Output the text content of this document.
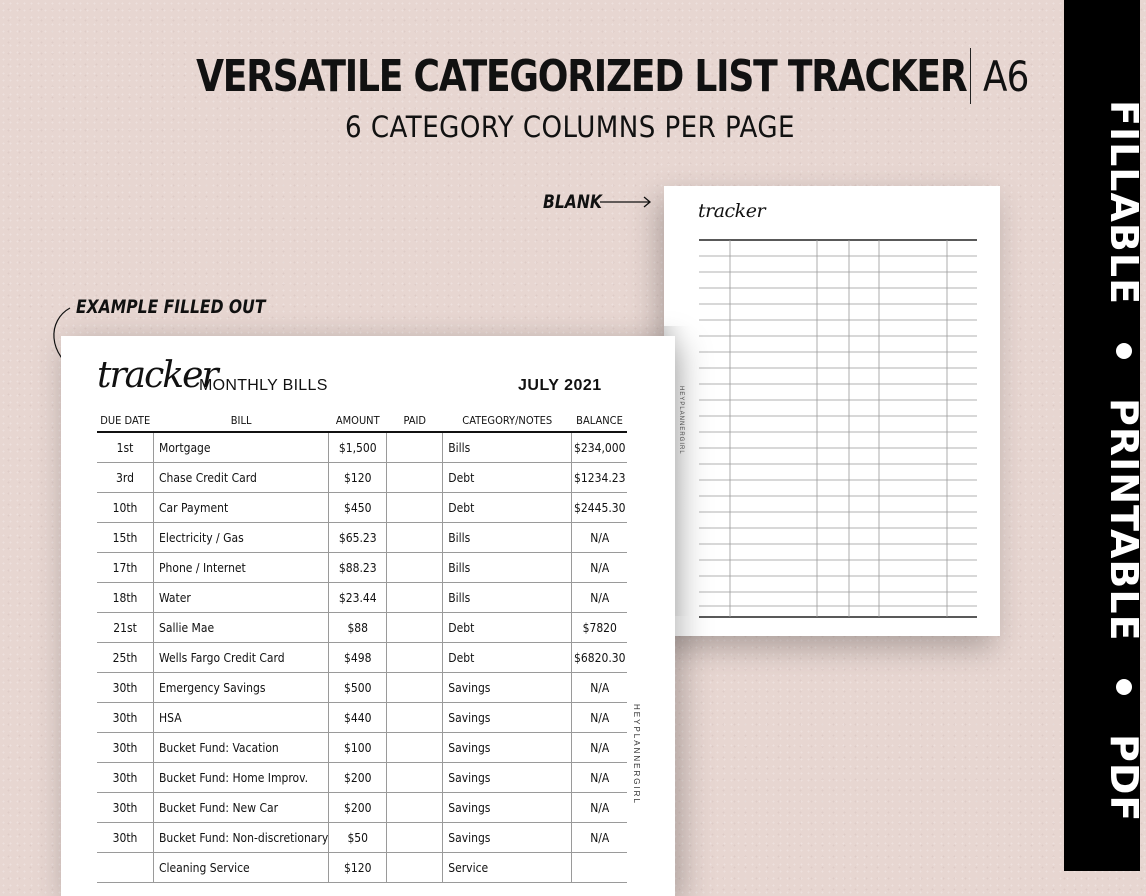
VERSATILE CATEGORIZED LIST TRACKER A6
6 CATEGORY COLUMNS PER PAGE
BLANK
EXAMPLE FILLED OUT
tracker
HEYPLANNERGIRL
tracker
MONTHLY BILLS	JULY 2021
HEYPLANNERGIRL
DUE DATE	BILL	AMOUNT	PAID	CATEGORY/NOTES	BALANCE
1st	Mortgage	$1,500		Bills	$234,000
3rd	Chase Credit Card	$120		Debt	$1234.23
10th	Car Payment	$450		Debt	$2445.30
15th	Electricity / Gas	$65.23		Bills	N/A
17th	Phone / Internet	$88.23		Bills	N/A
18th	Water	$23.44		Bills	N/A
21st	Sallie Mae	$88		Debt	$7820
25th	Wells Fargo Credit Card	$498		Debt	$6820.30
30th	Emergency Savings	$500		Savings	N/A
30th	HSA	$440		Savings	N/A
30th	Bucket Fund: Vacation	$100		Savings	N/A
30th	Bucket Fund: Home Improv.	$200		Savings	N/A
30th	Bucket Fund: New Car	$200		Savings	N/A
30th	Bucket Fund: Non-discretionary	$50		Savings	N/A
	Cleaning Service	$120		Service	
FILLABLE  PRINTABLE  PDF
